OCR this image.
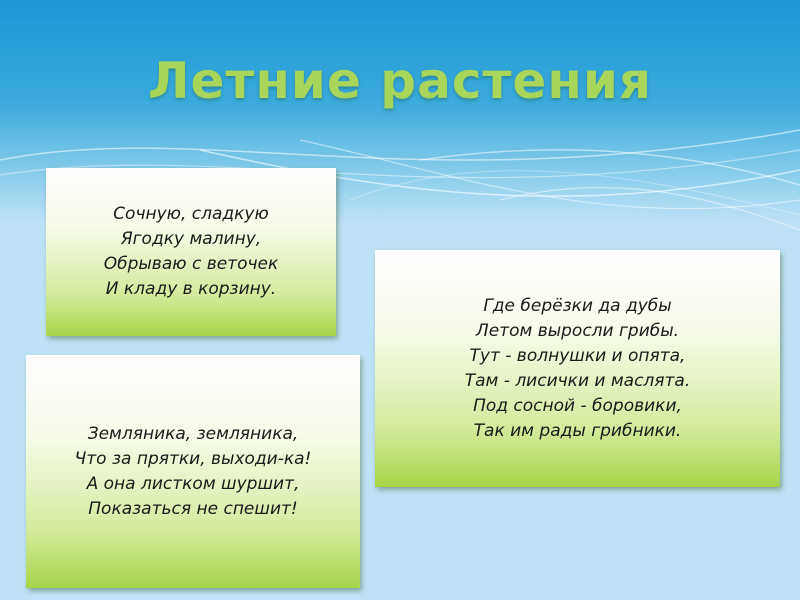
Летние растения
Сочную, сладкую
Ягодку малину,
Обрываю с веточек
И кладу в корзину.
Земляника, земляника,
Что за прятки, выходи-ка!
А она листком шуршит,
Показаться не спешит!
Где берёзки да дубы
Летом выросли грибы.
Тут - волнушки и опята,
Там - лисички и маслята.
Под сосной - боровики,
Так им рады грибники.
